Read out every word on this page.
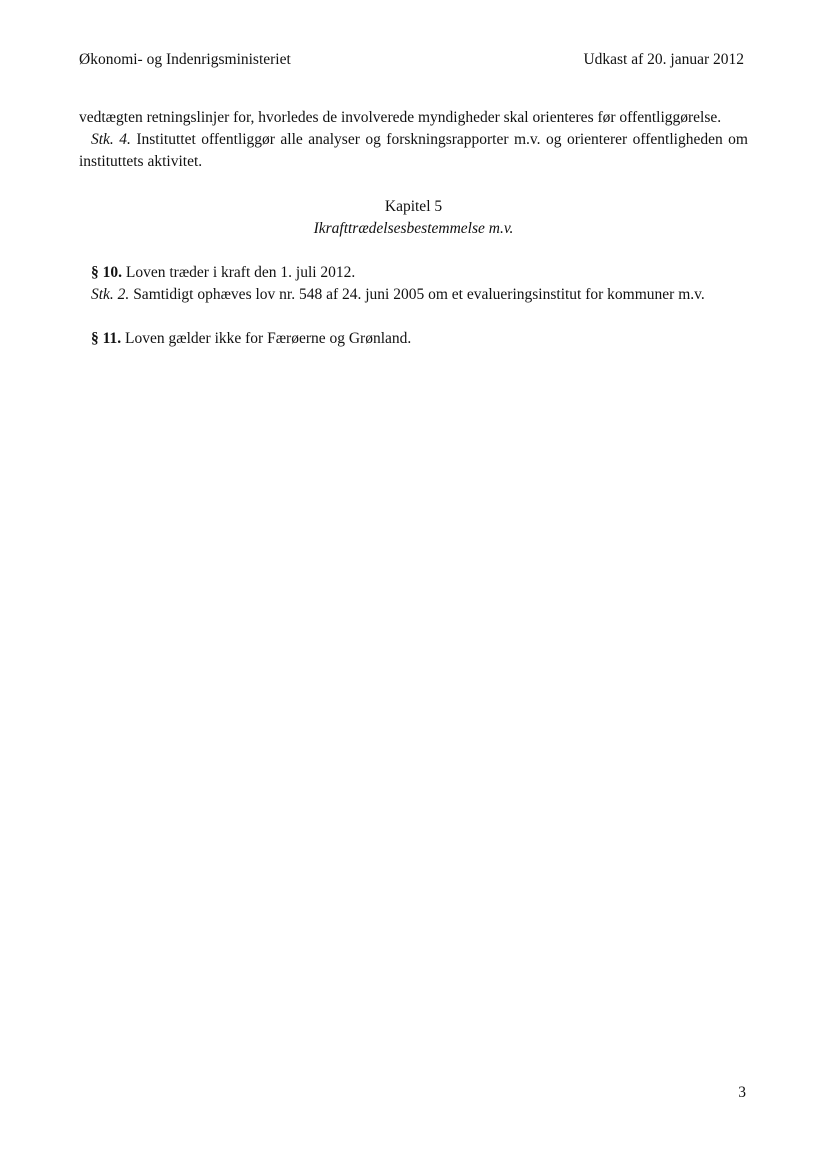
Økonomi- og Indenrigsministeriet	Udkast af 20. januar 2012

vedtægten retningslinjer for, hvorledes de involverede myndigheder skal orienteres før offentliggørelse.

Stk. 4. Instituttet offentliggør alle analyser og forskningsrapporter m.v. og orienterer offentligheden om instituttets aktivitet.

Kapitel 5

Ikrafttrædelsesbestemmelse m.v.

§ 10. Loven træder i kraft den 1. juli 2012.

Stk. 2. Samtidigt ophæves lov nr. 548 af 24. juni 2005 om et evalueringsinstitut for kommuner m.v.

§ 11. Loven gælder ikke for Færøerne og Grønland.

3
